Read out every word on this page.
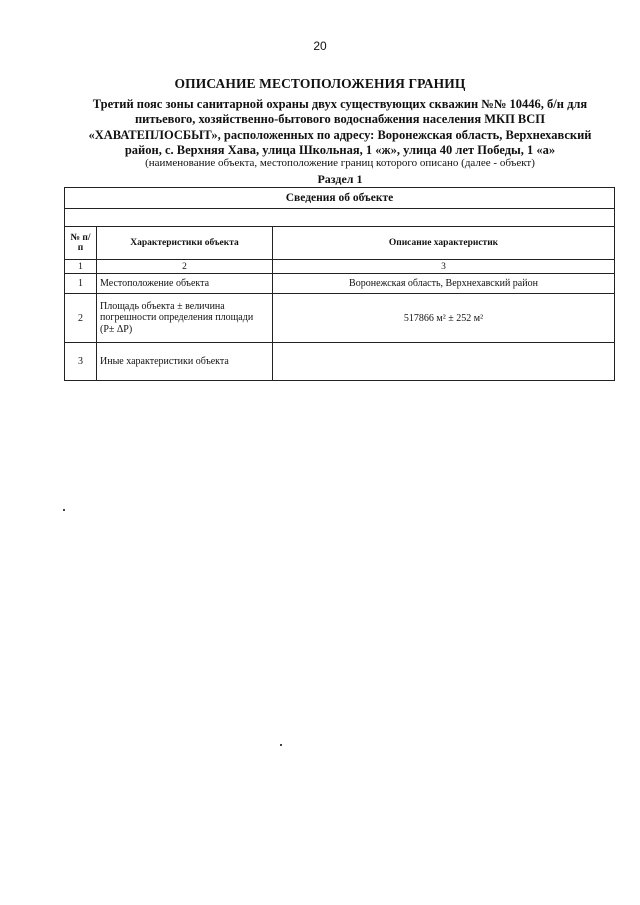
20
ОПИСАНИЕ МЕСТОПОЛОЖЕНИЯ ГРАНИЦ
Третий пояс зоны санитарной охраны двух существующих скважин №№ 10446, б/н для питьевого, хозяйственно-бытового водоснабжения населения МКП ВСП «ХАВАТЕПЛОСБЫТ», расположенных по адресу: Воронежская область, Верхнехавский район, с. Верхняя Хава, улица Школьная, 1 «ж», улица 40 лет Победы, 1 «а»
(наименование объекта, местоположение границ которого описано (далее - объект)
Раздел 1
Сведения об объекте		

№ п/п	Характеристики объекта	Описание характеристик
1	2	3
1	Местоположение объекта	Воронежская область, Верхнехавский район
2	Площадь объекта ± величина погрешности определения площади (Р± ΔР)	517866 м² ± 252 м²
3	Иные характеристики объекта	
